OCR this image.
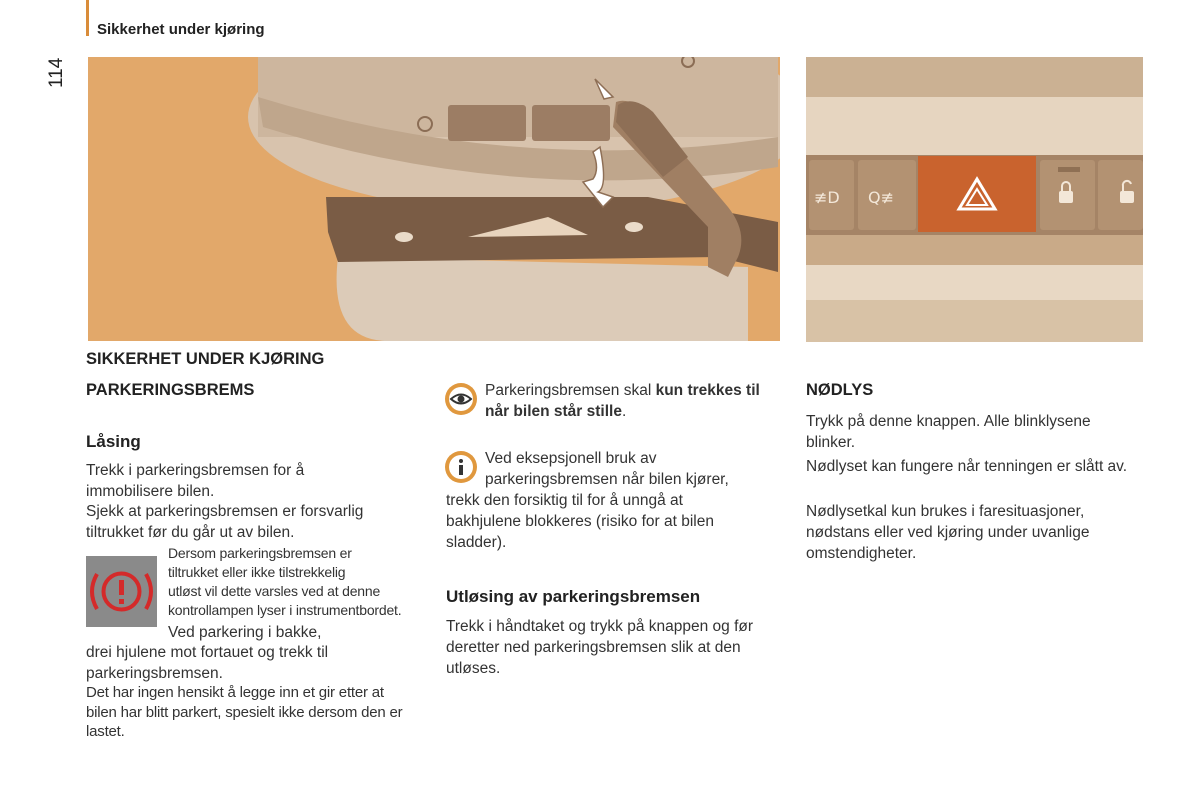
Sikkerhet under kjøring
114
≢D Q≢
SIKKERHET UNDER KJØRING
PARKERINGSBREMS
Låsing
Trekk i parkeringsbremsen for å immobilisere bilen.
Sjekk at parkeringsbremsen er forsvarlig tiltrukket før du går ut av bilen.
Dersom parkeringsbremsen er
tiltrukket eller ikke tilstrekkelig
utløst vil dette varsles ved at denne
kontrollampen lyser i instrumentbordet.
Ved parkering i bakke,
drei hjulene mot fortauet og trekk til parkeringsbremsen.
Det har ingen hensikt å legge inn et gir etter at bilen har blitt parkert, spesielt ikke dersom den er lastet.
Parkeringsbremsen skal kun trekkes til når bilen står stille.
Ved eksepsjonell bruk av
parkeringsbremsen når bilen kjører,
trekk den forsiktig til for å unngå at bakhjulene blokkeres (risiko for at bilen sladder).
Utløsing av parkeringsbremsen
Trekk i håndtaket og trykk på knappen og før deretter ned parkeringsbremsen slik at den utløses.
NØDLYS
Trykk på denne knappen. Alle blinklysene blinker.
Nødlyset kan fungere når tenningen er slått av.
Nødlysetkal kun brukes i faresituasjoner, nødstans eller ved kjøring under uvanlige omstendigheter.
